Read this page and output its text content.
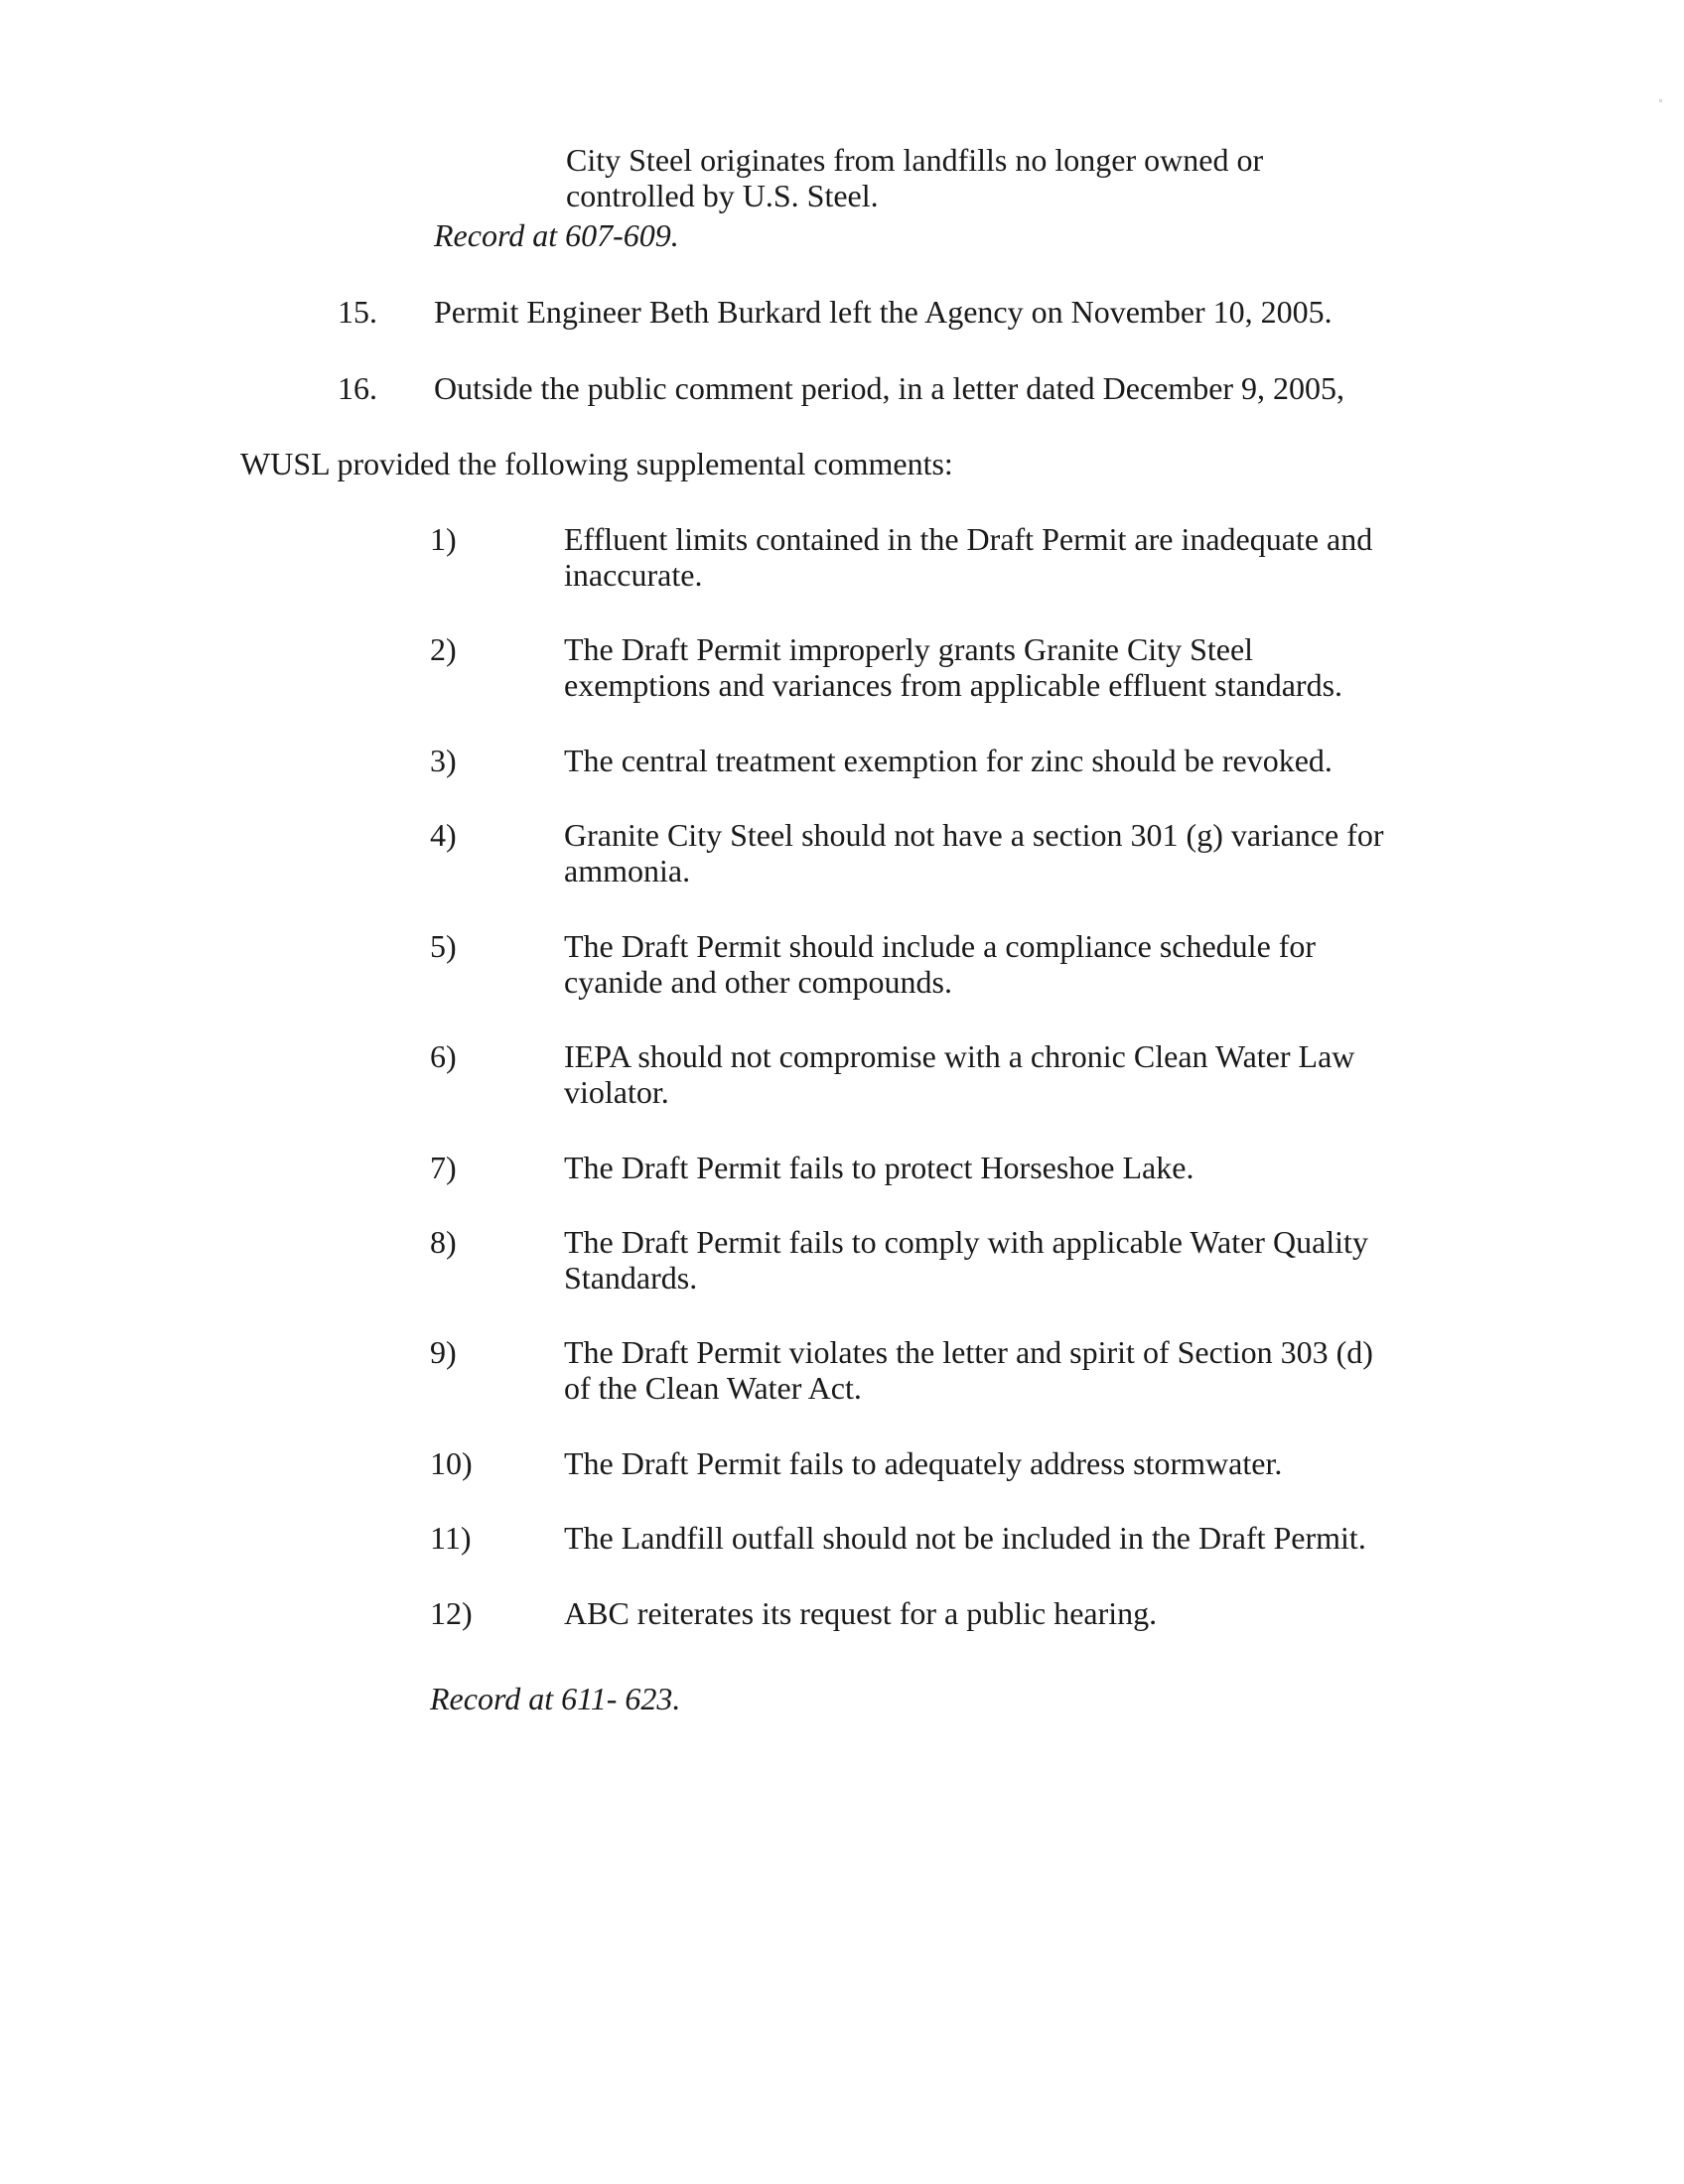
City Steel originates from landfills no longer owned or
controlled by U.S. Steel.
Record at 607-609.
15. Permit Engineer Beth Burkard left the Agency on November 10, 2005.
16. Outside the public comment period, in a letter dated December 9, 2005,
WUSL provided the following supplemental comments:
1)	Effluent limits contained in the Draft Permit are inadequate and
inaccurate.
2)	The Draft Permit improperly grants Granite City Steel
exemptions and variances from applicable effluent standards.
3)	The central treatment exemption for zinc should be revoked.
4)	Granite City Steel should not have a section 301 (g) variance for
ammonia.
5)	The Draft Permit should include a compliance schedule for
cyanide and other compounds.
6)	IEPA should not compromise with a chronic Clean Water Law
violator.
7)	The Draft Permit fails to protect Horseshoe Lake.
8)	The Draft Permit fails to comply with applicable Water Quality
Standards.
9)	The Draft Permit violates the letter and spirit of Section 303 (d)
of the Clean Water Act.
10)	The Draft Permit fails to adequately address stormwater.
11)	The Landfill outfall should not be included in the Draft Permit.
12)	ABC reiterates its request for a public hearing.
Record at 611- 623.
